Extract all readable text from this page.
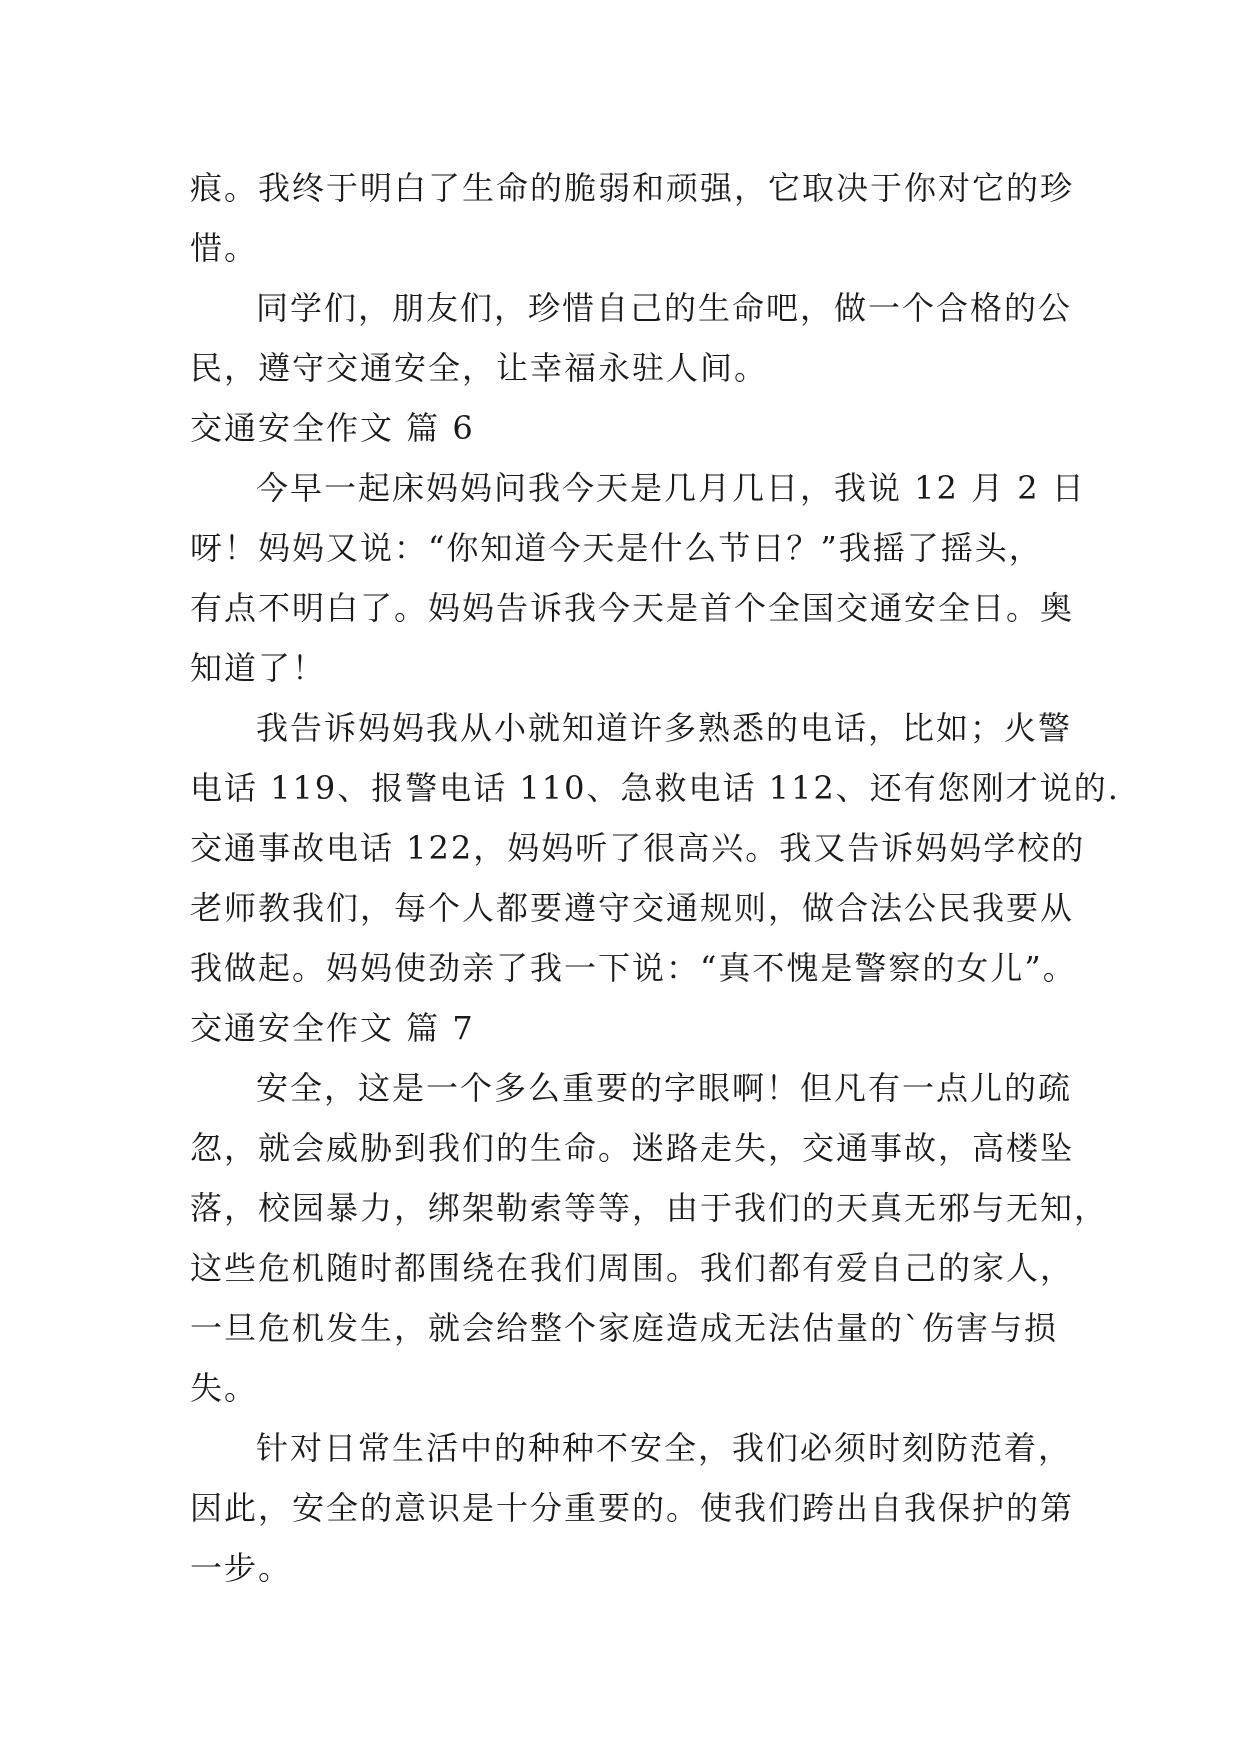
痕。我终于明白了生命的脆弱和顽强，它取决于你对它的珍
惜。
同学们，朋友们，珍惜自己的生命吧，做一个合格的公
民，遵守交通安全，让幸福永驻人间。
交通安全作文 篇 6
今早一起床妈妈问我今天是几月几日，我说 12 月 2 日
呀！妈妈又说：“你知道今天是什么节日？”我摇了摇头，
有点不明白了。妈妈告诉我今天是首个全国交通安全日。奥
知道了！
我告诉妈妈我从小就知道许多熟悉的电话，比如；火警
电话 119、报警电话 110、急救电话 112、还有您刚才说的.
交通事故电话 122，妈妈听了很高兴。我又告诉妈妈学校的
老师教我们，每个人都要遵守交通规则，做合法公民我要从
我做起。妈妈使劲亲了我一下说：“真不愧是警察的女儿”。
交通安全作文 篇 7
安全，这是一个多么重要的字眼啊！但凡有一点儿的疏
忽，就会威胁到我们的生命。迷路走失，交通事故，高楼坠
落，校园暴力，绑架勒索等等，由于我们的天真无邪与无知，
这些危机随时都围绕在我们周围。我们都有爱自己的家人，
一旦危机发生，就会给整个家庭造成无法估量的`伤害与损
失。
针对日常生活中的种种不安全，我们必须时刻防范着，
因此，安全的意识是十分重要的。使我们跨出自我保护的第
一步。
